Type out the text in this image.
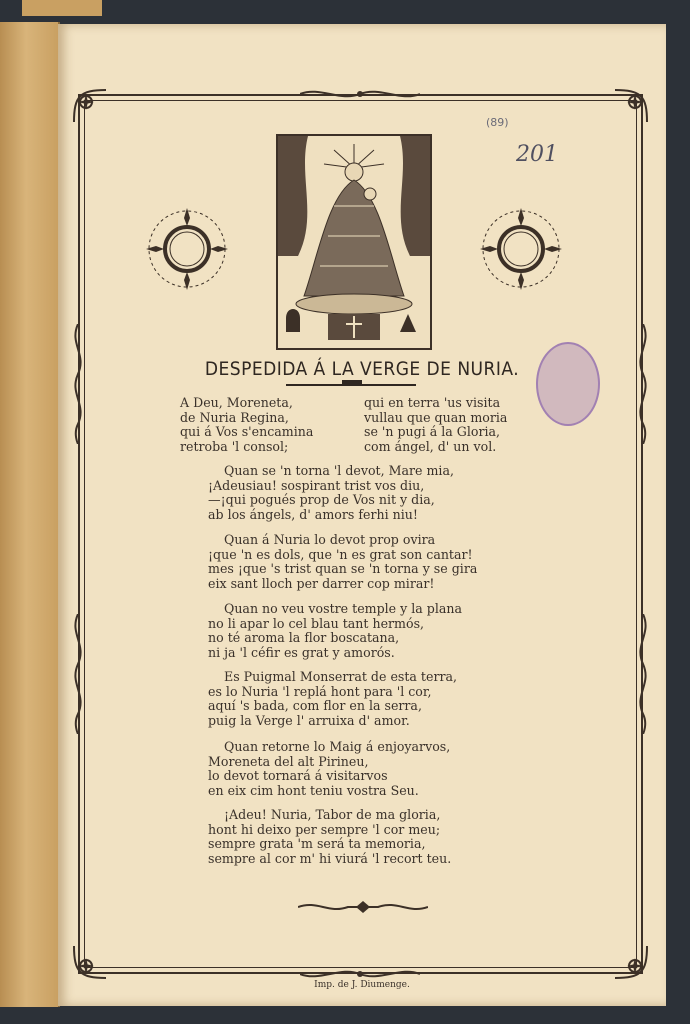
(89)
201
DESPEDIDA Á LA VERGE DE NURIA.
A Deu, Moreneta,
de Nuria Regina,
qui á Vos s'encamina
retroba 'l consol;
qui en terra 'us visita
vullau que quan moria
se 'n pugi á la Gloria,
com ángel, d' un vol.
Quan se 'n torna 'l devot, Mare mia,
¡Adeusiau! sospirant trist vos diu,
—¡qui pogués prop de Vos nit y dia,
ab los ángels, d' amors ferhi niu!
Quan á Nuria lo devot prop ovira
¡que 'n es dols, que 'n es grat son cantar!
mes ¡que 's trist quan se 'n torna y se gira
eix sant lloch per darrer cop mirar!
Quan no veu vostre temple y la plana
no li apar lo cel blau tant hermós,
no té aroma la flor boscatana,
ni ja 'l céfir es grat y amorós.
Es Puigmal Monserrat de esta terra,
es lo Nuria 'l replá hont para 'l cor,
aquí 's bada, com flor en la serra,
puig la Verge l' arruixa d' amor.
Quan retorne lo Maig á enjoyarvos,
Moreneta del alt Pirineu,
lo devot tornará á visitarvos
en eix cim hont teniu vostra Seu.
¡Adeu! Nuria, Tabor de ma gloria,
hont hi deixo per sempre 'l cor meu;
sempre grata 'm será ta memoria,
sempre al cor m' hi viurá 'l recort teu.
Imp. de J. Diumenge.
